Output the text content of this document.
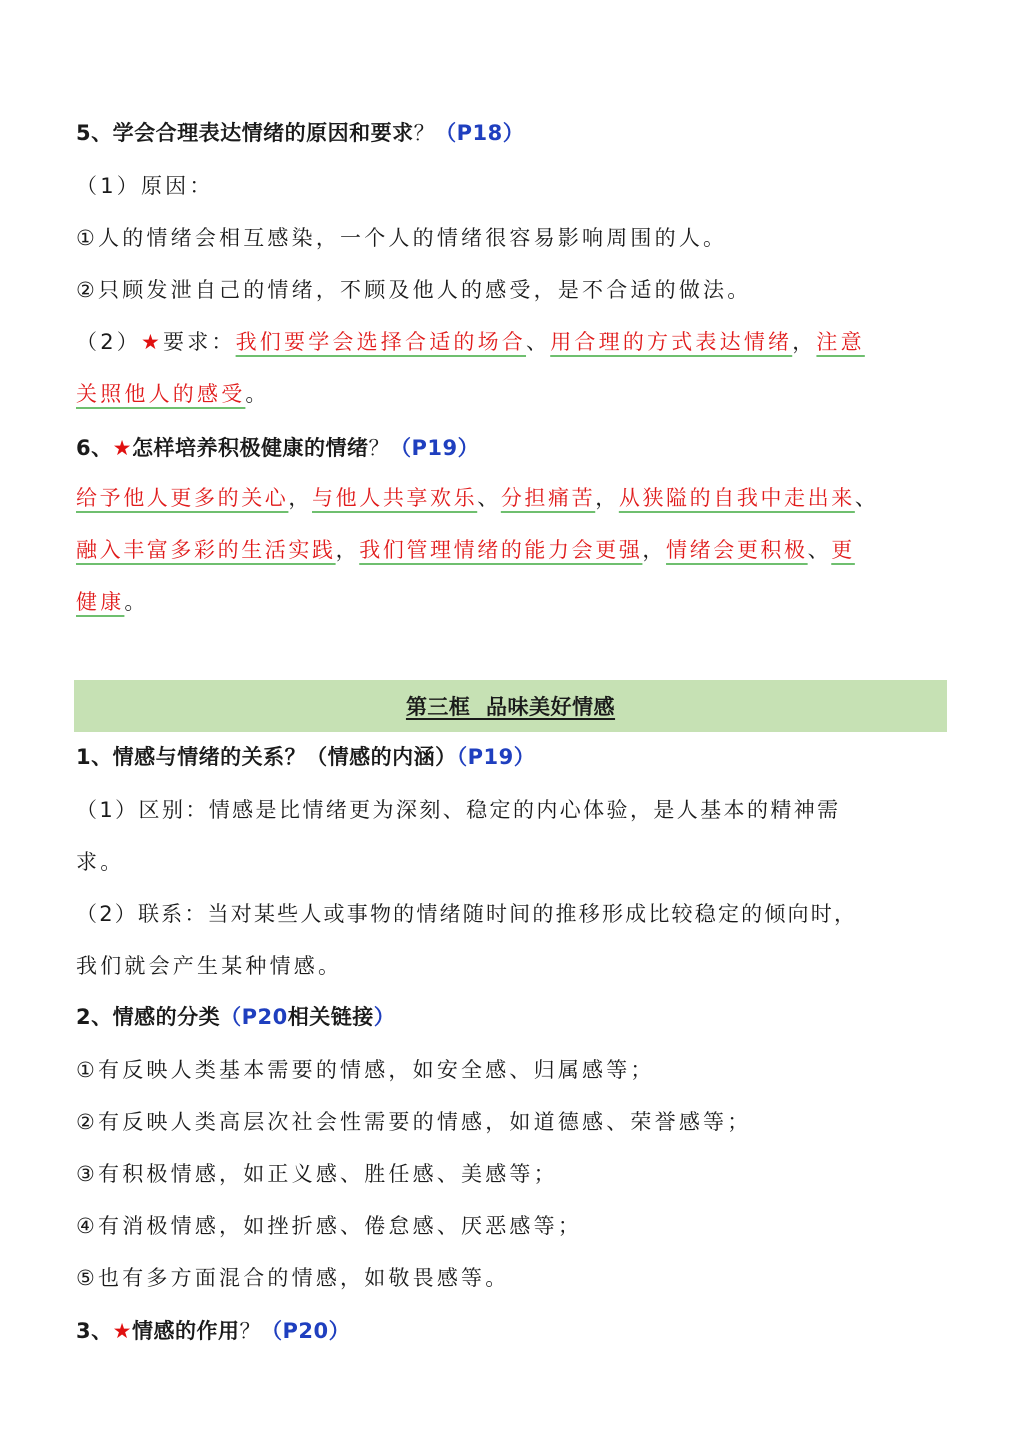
5、学会合理表达情绪的原因和要求？（P18）
（1）原因：
①人的情绪会相互感染，一个人的情绪很容易影响周围的人。
②只顾发泄自己的情绪，不顾及他人的感受，是不合适的做法。
（2）★要求：我们要学会选择合适的场合、用合理的方式表达情绪，注意
关照他人的感受。
6、★怎样培养积极健康的情绪？（P19）
给予他人更多的关心，与他人共享欢乐、分担痛苦，从狭隘的自我中走出来、
融入丰富多彩的生活实践，我们管理情绪的能力会更强，情绪会更积极、更
健康。
第三框  品味美好情感
1、情感与情绪的关系？（情感的内涵）（P19）
（1）区别：情感是比情绪更为深刻、稳定的内心体验，是人基本的精神需
求。
（2）联系：当对某些人或事物的情绪随时间的推移形成比较稳定的倾向时，
我们就会产生某种情感。
2、情感的分类（P20相关链接）
①有反映人类基本需要的情感，如安全感、归属感等；
②有反映人类高层次社会性需要的情感，如道德感、荣誉感等；
③有积极情感，如正义感、胜任感、美感等；
④有消极情感，如挫折感、倦怠感、厌恶感等；
⑤也有多方面混合的情感，如敬畏感等。
3、★情感的作用？（P20）
